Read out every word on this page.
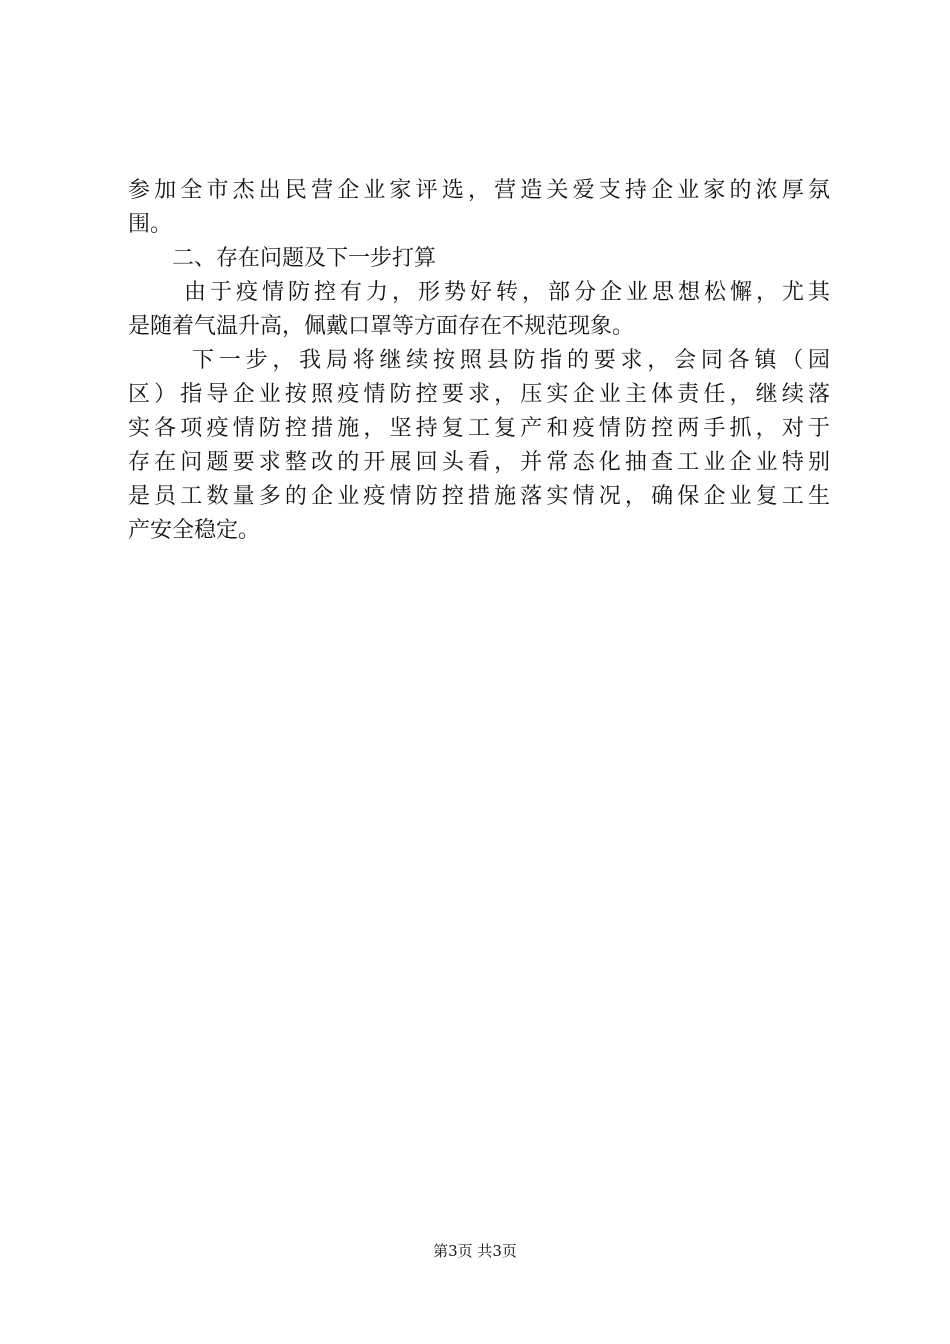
参加全市杰出民营企业家评选，营造关爱支持企业家的浓厚氛
围。
二、存在问题及下一步打算
由于疫情防控有力，形势好转，部分企业思想松懈，尤其
是随着气温升高，佩戴口罩等方面存在不规范现象。
下一步，我局将继续按照县防指的要求，会同各镇（园
区）指导企业按照疫情防控要求，压实企业主体责任，继续落
实各项疫情防控措施，坚持复工复产和疫情防控两手抓，对于
存在问题要求整改的开展回头看，并常态化抽查工业企业特别
是员工数量多的企业疫情防控措施落实情况，确保企业复工生
产安全稳定。
第3页 共3页
